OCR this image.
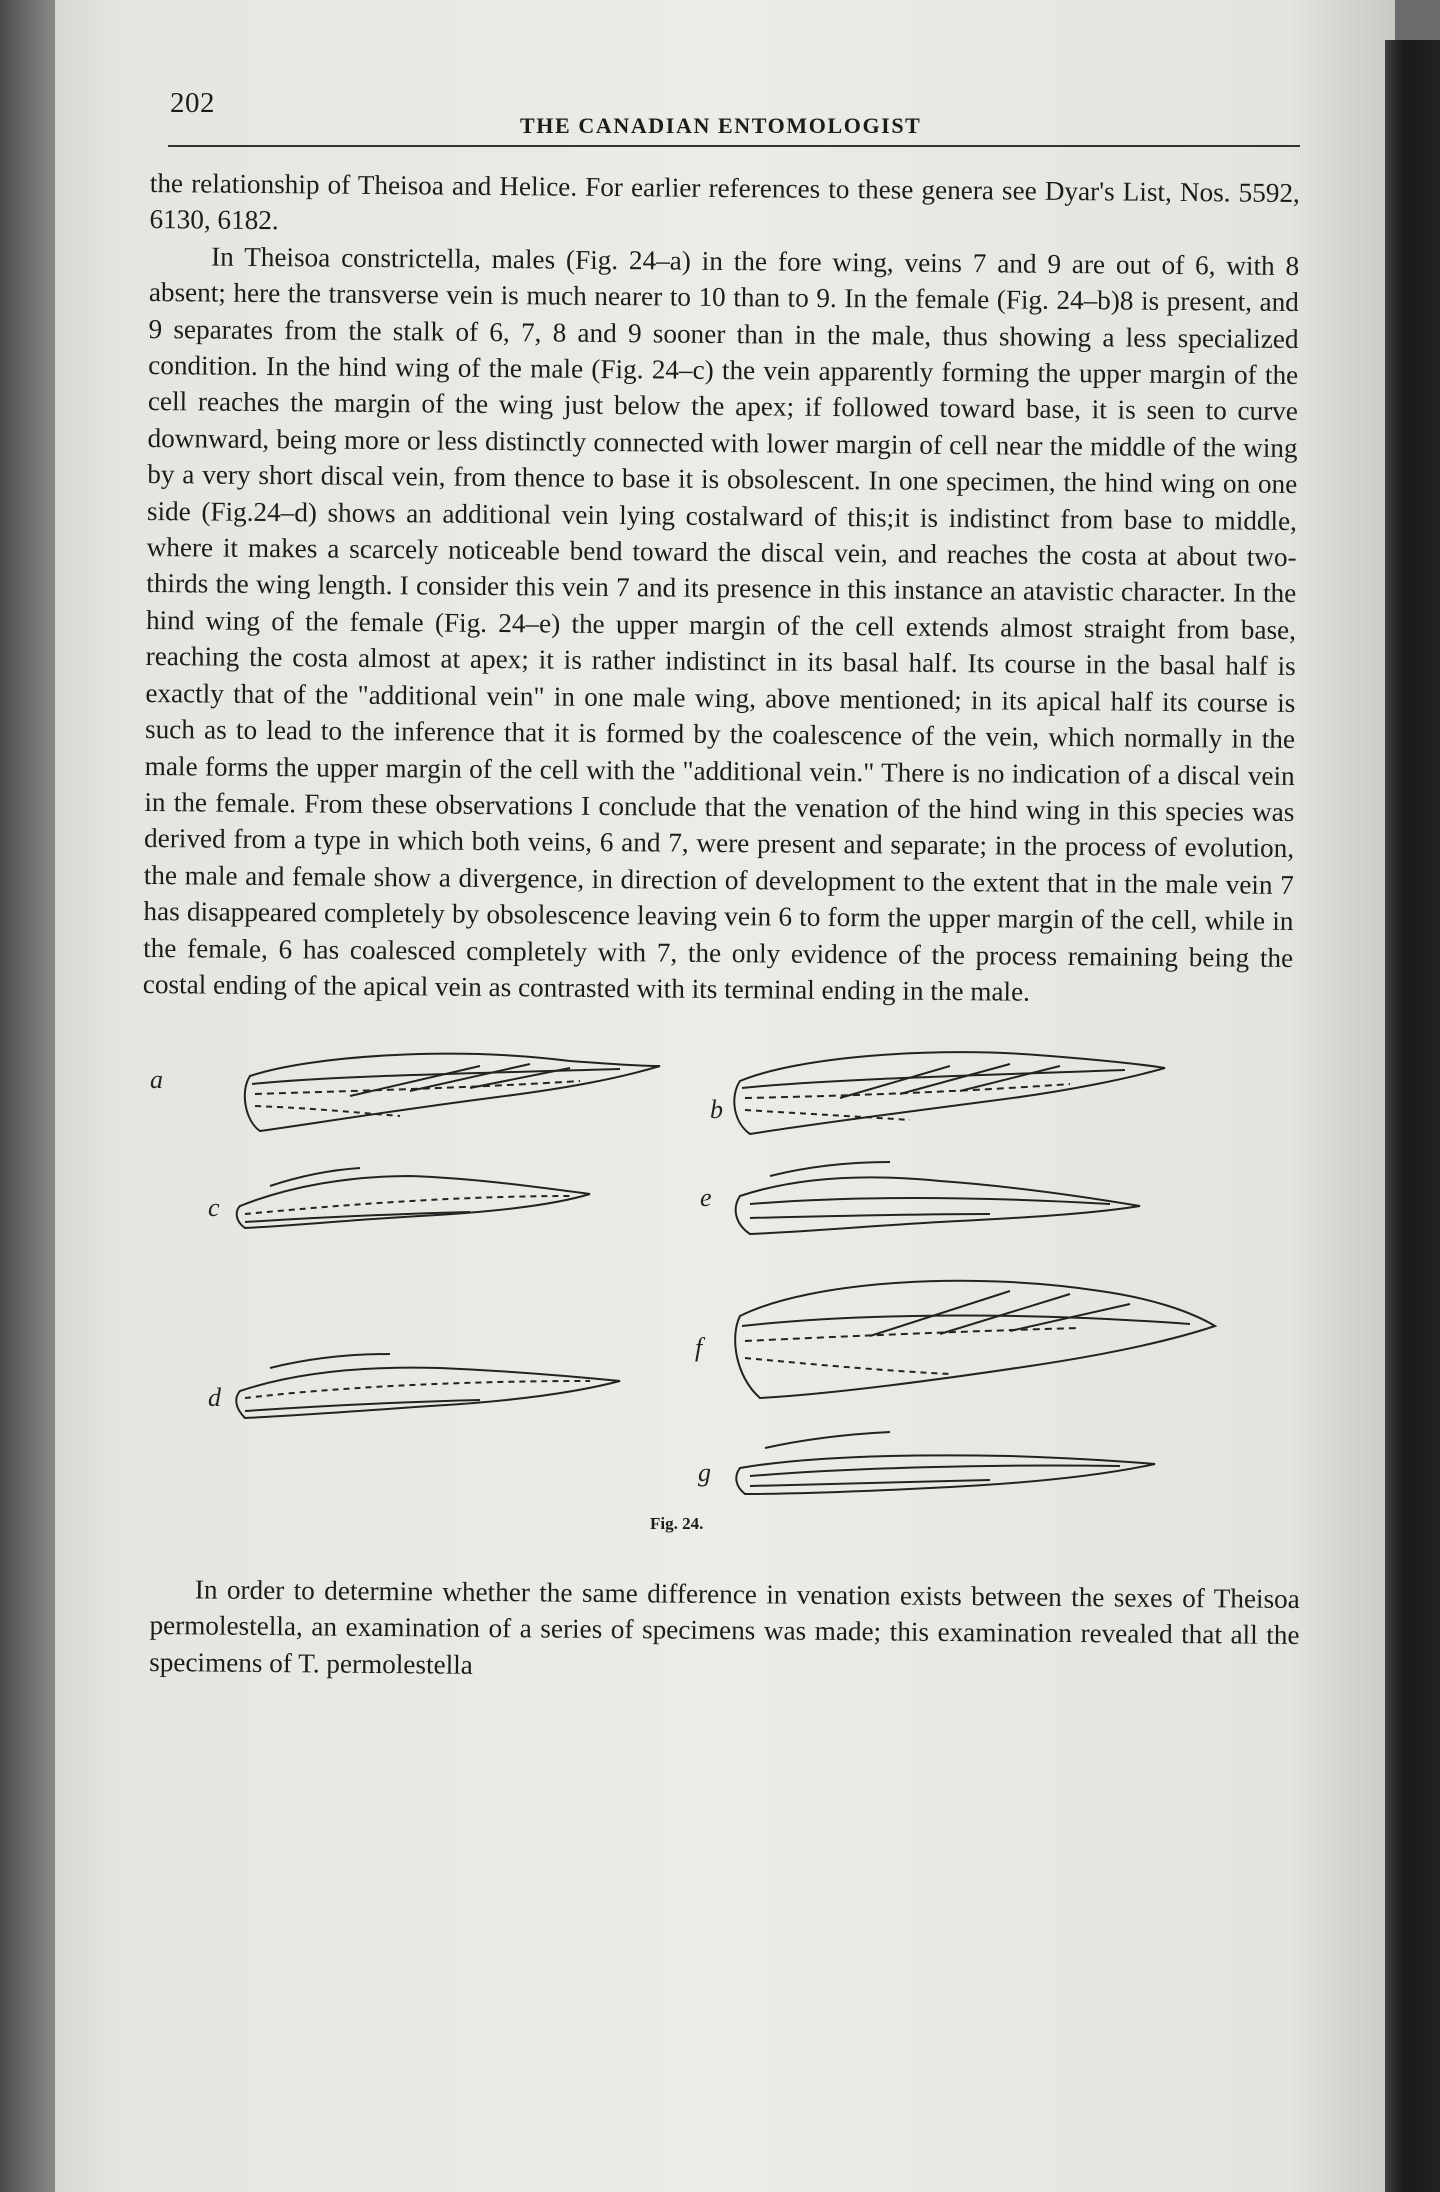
202
THE CANADIAN ENTOMOLOGIST

the relationship of Theisoa and Helice. For earlier references to these genera see Dyar's List, Nos. 5592, 6130, 6182.

In Theisoa constrictella, males (Fig. 24–a) in the fore wing, veins 7 and 9 are out of 6, with 8 absent; here the transverse vein is much nearer to 10 than to 9. In the female (Fig. 24–b)8 is present, and 9 separates from the stalk of 6, 7, 8 and 9 sooner than in the male, thus showing a less specialized condition. In the hind wing of the male (Fig. 24–c) the vein apparently forming the upper margin of the cell reaches the margin of the wing just below the apex; if followed toward base, it is seen to curve downward, being more or less distinctly connected with lower margin of cell near the middle of the wing by a very short discal vein, from thence to base it is obsolescent. In one specimen, the hind wing on one side (Fig.24–d) shows an additional vein lying costalward of this;it is indistinct from base to middle, where it makes a scarcely noticeable bend toward the discal vein, and reaches the costa at about two-thirds the wing length. I consider this vein 7 and its presence in this instance an atavistic character. In the hind wing of the female (Fig. 24–e) the upper margin of the cell extends almost straight from base, reaching the costa almost at apex; it is rather indistinct in its basal half. Its course in the basal half is exactly that of the "additional vein" in one male wing, above mentioned; in its apical half its course is such as to lead to the inference that it is formed by the coalescence of the vein, which normally in the male forms the upper margin of the cell with the "additional vein." There is no indication of a discal vein in the female. From these observations I conclude that the venation of the hind wing in this species was derived from a type in which both veins, 6 and 7, were present and separate; in the process of evolution, the male and female show a divergence, in direction of development to the extent that in the male vein 7 has disappeared completely by obsolescence leaving vein 6 to form the upper margin of the cell, while in the female, 6 has coalesced completely with 7, the only evidence of the process remaining being the costal ending of the apical vein as contrasted with its terminal ending in the male.

a
b
c	e
d
f
g
Fig. 24.

In order to determine whether the same difference in venation exists between the sexes of Theisoa permolestella, an examination of a series of specimens was made; this examination revealed that all the specimens of T. permolestella
